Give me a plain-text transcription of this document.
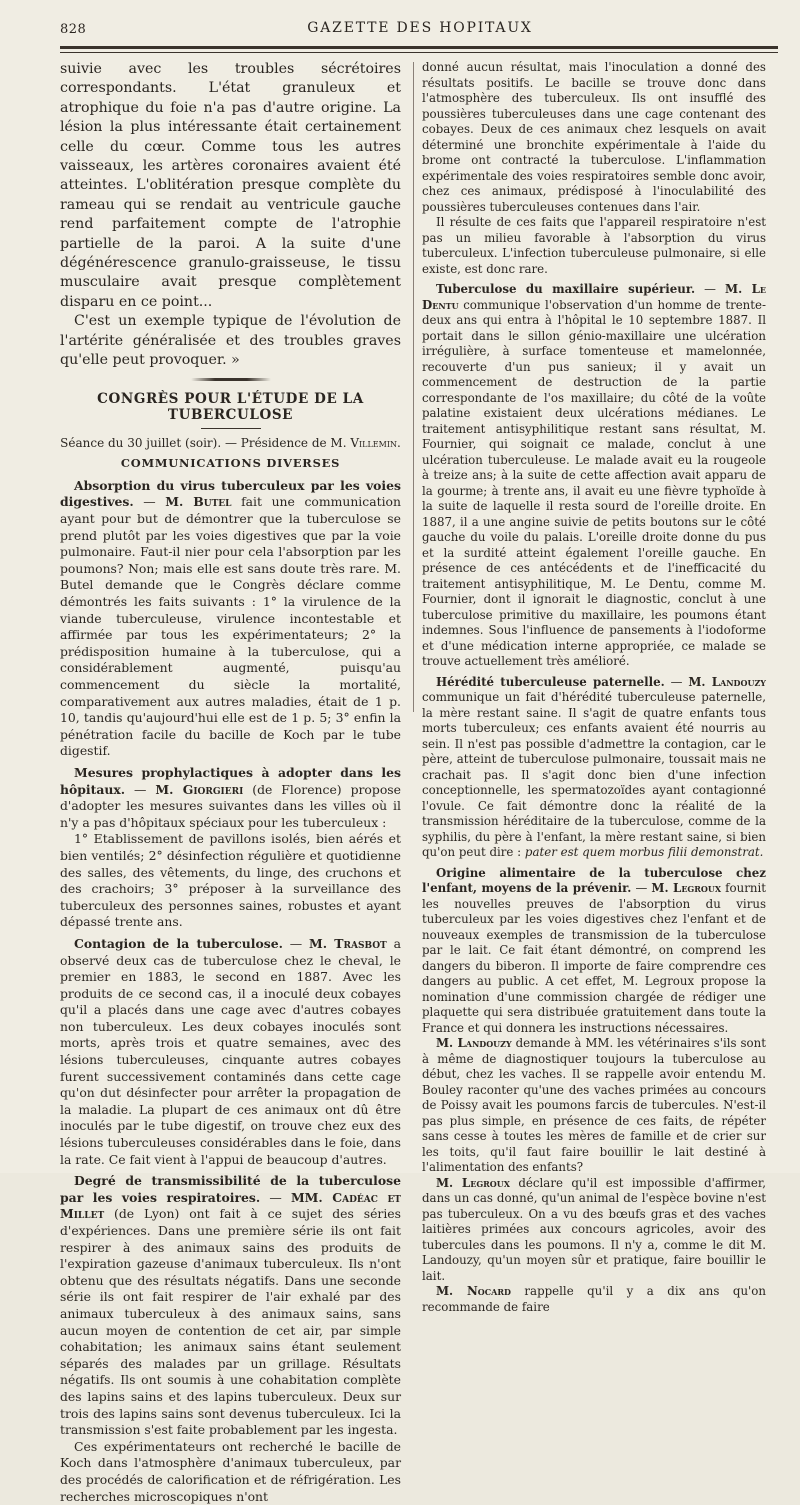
828	GAZETTE DES HOPITAUX

suivie avec les troubles sécrétoires correspondants. L'état granuleux et atrophique du foie n'a pas d'autre origine. La lésion la plus intéressante était certainement celle du cœur. Comme tous les autres vaisseaux, les artères coronaires avaient été atteintes. L'oblitération presque complète du rameau qui se rendait au ventricule gauche rend parfaitement compte de l'atrophie partielle de la paroi. A la suite d'une dégénérescence granulo-graisseuse, le tissu musculaire avait presque complètement disparu en ce point...

C'est un exemple typique de l'évolution de l'artérite généralisée et des troubles graves qu'elle peut provoquer. »

CONGRÈS POUR L'ÉTUDE DE LA TUBERCULOSE
Séance du 30 juillet (soir). — Présidence de M. Villemin.
COMMUNICATIONS DIVERSES

Absorption du virus tuberculeux par les voies digestives. — M. Butel fait une communication ayant pour but de démontrer que la tuberculose se prend plutôt par les voies digestives que par la voie pulmonaire. Faut-il nier pour cela l'absorption par les poumons? Non; mais elle est sans doute très rare. M. Butel demande que le Congrès déclare comme démontrés les faits suivants : 1° la virulence de la viande tuberculeuse, virulence incontestable et affirmée par tous les expérimentateurs; 2° la prédisposition humaine à la tuberculose, qui a considérablement augmenté, puisqu'au commencement du siècle la mortalité, comparativement aux autres maladies, était de 1 p. 10, tandis qu'aujourd'hui elle est de 1 p. 5; 3° enfin la pénétration facile du bacille de Koch par le tube digestif.

Mesures prophylactiques à adopter dans les hôpitaux. — M. Giorgieri (de Florence) propose d'adopter les mesures suivantes dans les villes où il n'y a pas d'hôpitaux spéciaux pour les tuberculeux :

1° Etablissement de pavillons isolés, bien aérés et bien ventilés; 2° désinfection régulière et quotidienne des salles, des vêtements, du linge, des cruchons et des crachoirs; 3° préposer à la surveillance des tuberculeux des personnes saines, robustes et ayant dépassé trente ans.

Contagion de la tuberculose. — M. Trasbot a observé deux cas de tuberculose chez le cheval, le premier en 1883, le second en 1887. Avec les produits de ce second cas, il a inoculé deux cobayes qu'il a placés dans une cage avec d'autres cobayes non tuberculeux. Les deux cobayes inoculés sont morts, après trois et quatre semaines, avec des lésions tuberculeuses, cinquante autres cobayes furent successivement contaminés dans cette cage qu'on dut désinfecter pour arrêter la propagation de la maladie. La plupart de ces animaux ont dû être inoculés par le tube digestif, on trouve chez eux des lésions tuberculeuses considérables dans le foie, dans la rate. Ce fait vient à l'appui de beaucoup d'autres.

Degré de transmissibilité de la tuberculose par les voies respiratoires. — MM. Cadéac et Millet (de Lyon) ont fait à ce sujet des séries d'expériences. Dans une première série ils ont fait respirer à des animaux sains des produits de l'expiration gazeuse d'animaux tuberculeux. Ils n'ont obtenu que des résultats négatifs. Dans une seconde série ils ont fait respirer de l'air exhalé par des animaux tuberculeux à des animaux sains, sans aucun moyen de contention de cet air, par simple cohabitation; les animaux sains étant seulement séparés des malades par un grillage. Résultats négatifs. Ils ont soumis à une cohabitation complète des lapins sains et des lapins tuberculeux. Deux sur trois des lapins sains sont devenus tuberculeux. Ici la transmission s'est faite probablement par les ingesta.

Ces expérimentateurs ont recherché le bacille de Koch dans l'atmosphère d'animaux tuberculeux, par des procédés de calorification et de réfrigération. Les recherches microscopiques n'ont

donné aucun résultat, mais l'inoculation a donné des résultats positifs. Le bacille se trouve donc dans l'atmosphère des tuberculeux. Ils ont insufflé des poussières tuberculeuses dans une cage contenant des cobayes. Deux de ces animaux chez lesquels on avait déterminé une bronchite expérimentale à l'aide du brome ont contracté la tuberculose. L'inflammation expérimentale des voies respiratoires semble donc avoir, chez ces animaux, prédisposé à l'inoculabilité des poussières tuberculeuses contenues dans l'air.

Il résulte de ces faits que l'appareil respiratoire n'est pas un milieu favorable à l'absorption du virus tuberculeux. L'infection tuberculeuse pulmonaire, si elle existe, est donc rare.

Tuberculose du maxillaire supérieur. — M. Le Dentu communique l'observation d'un homme de trente-deux ans qui entra à l'hôpital le 10 septembre 1887. Il portait dans le sillon génio-maxillaire une ulcération irrégulière, à surface tomenteuse et mamelonnée, recouverte d'un pus sanieux; il y avait un commencement de destruction de la partie correspondante de l'os maxillaire; du côté de la voûte palatine existaient deux ulcérations médianes. Le traitement antisyphilitique restant sans résultat, M. Fournier, qui soignait ce malade, conclut à une ulcération tuberculeuse. Le malade avait eu la rougeole à treize ans; à la suite de cette affection avait apparu de la gourme; à trente ans, il avait eu une fièvre typhoïde à la suite de laquelle il resta sourd de l'oreille droite. En 1887, il a une angine suivie de petits boutons sur le côté gauche du voile du palais. L'oreille droite donne du pus et la surdité atteint également l'oreille gauche. En présence de ces antécédents et de l'inefficacité du traitement antisyphilitique, M. Le Dentu, comme M. Fournier, dont il ignorait le diagnostic, conclut à une tuberculose primitive du maxillaire, les poumons étant indemnes. Sous l'influence de pansements à l'iodoforme et d'une médication interne appropriée, ce malade se trouve actuellement très amélioré.

Hérédité tuberculeuse paternelle. — M. Landouzy communique un fait d'hérédité tuberculeuse paternelle, la mère restant saine. Il s'agit de quatre enfants tous morts tuberculeux; ces enfants avaient été nourris au sein. Il n'est pas possible d'admettre la contagion, car le père, atteint de tuberculose pulmonaire, toussait mais ne crachait pas. Il s'agit donc bien d'une infection conceptionnelle, les spermatozoïdes ayant contagionné l'ovule. Ce fait démontre donc la réalité de la transmission héréditaire de la tuberculose, comme de la syphilis, du père à l'enfant, la mère restant saine, si bien qu'on peut dire : pater est quem morbus filii demonstrat.

Origine alimentaire de la tuberculose chez l'enfant, moyens de la prévenir. — M. Legroux fournit les nouvelles preuves de l'absorption du virus tuberculeux par les voies digestives chez l'enfant et de nouveaux exemples de transmission de la tuberculose par le lait. Ce fait étant démontré, on comprend les dangers du biberon. Il importe de faire comprendre ces dangers au public. A cet effet, M. Legroux propose la nomination d'une commission chargée de rédiger une plaquette qui sera distribuée gratuitement dans toute la France et qui donnera les instructions nécessaires.

M. Landouzy demande à MM. les vétérinaires s'ils sont à même de diagnostiquer toujours la tuberculose au début, chez les vaches. Il se rappelle avoir entendu M. Bouley raconter qu'une des vaches primées au concours de Poissy avait les poumons farcis de tubercules. N'est-il pas plus simple, en présence de ces faits, de répéter sans cesse à toutes les mères de famille et de crier sur les toits, qu'il faut faire bouillir le lait destiné à l'alimentation des enfants?

M. Legroux déclare qu'il est impossible d'affirmer, dans un cas donné, qu'un animal de l'espèce bovine n'est pas tuberculeux. On a vu des bœufs gras et des vaches laitières primées aux concours agricoles, avoir des tubercules dans les poumons. Il n'y a, comme le dit M. Landouzy, qu'un moyen sûr et pratique, faire bouillir le lait.

M. Nocard rappelle qu'il y a dix ans qu'on recommande de faire
